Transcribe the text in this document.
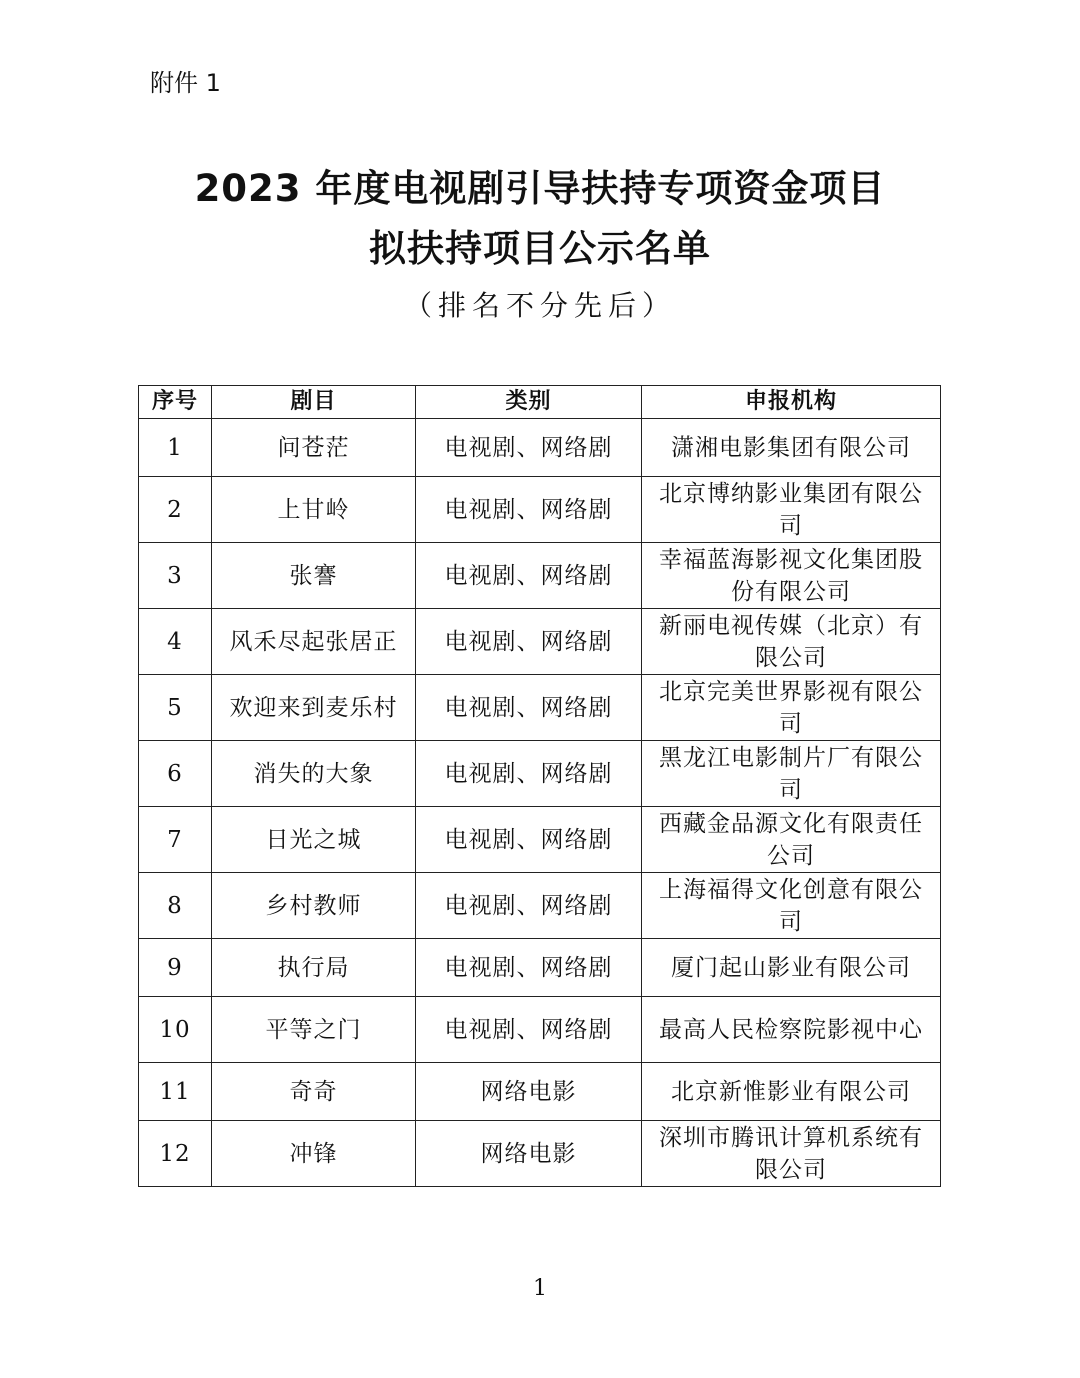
附件 1
2023 年度电视剧引导扶持专项资金项目
拟扶持项目公示名单
（排名不分先后）
序号	剧目	类别	申报机构
1	问苍茫	电视剧、网络剧	潇湘电影集团有限公司
2	上甘岭	电视剧、网络剧	北京博纳影业集团有限公司
3	张謇	电视剧、网络剧	幸福蓝海影视文化集团股份有限公司
4	风禾尽起张居正	电视剧、网络剧	新丽电视传媒（北京）有限公司
5	欢迎来到麦乐村	电视剧、网络剧	北京完美世界影视有限公司
6	消失的大象	电视剧、网络剧	黑龙江电影制片厂有限公司
7	日光之城	电视剧、网络剧	西藏金品源文化有限责任公司
8	乡村教师	电视剧、网络剧	上海福得文化创意有限公司
9	执行局	电视剧、网络剧	厦门起山影业有限公司
10	平等之门	电视剧、网络剧	最高人民检察院影视中心
11	奇奇	网络电影	北京新惟影业有限公司
12	冲锋	网络电影	深圳市腾讯计算机系统有限公司
1
